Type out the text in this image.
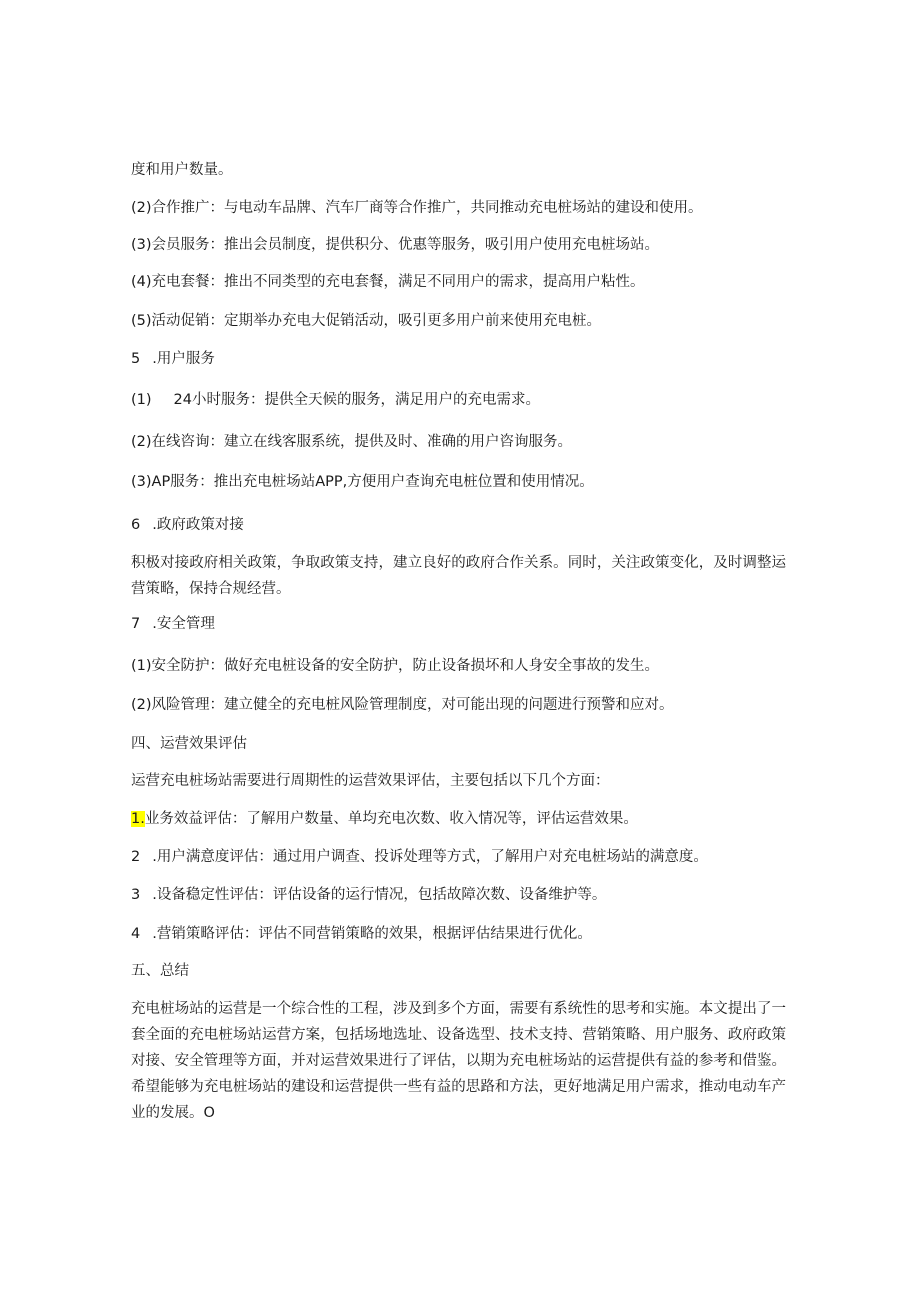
度和用户数量。
(2)合作推广：与电动车品牌、汽车厂商等合作推广，共同推动充电桩场站的建设和使用。
(3)会员服务：推出会员制度，提供积分、优惠等服务，吸引用户使用充电桩场站。
(4)充电套餐：推出不同类型的充电套餐，满足不同用户的需求，提高用户粘性。
(5)活动促销：定期举办充电大促销活动，吸引更多用户前来使用充电桩。
5 .用户服务
(1) 24小时服务：提供全天候的服务，满足用户的充电需求。
(2)在线咨询：建立在线客服系统，提供及时、准确的用户咨询服务。
(3)AP服务：推出充电桩场站APP,方便用户查询充电桩位置和使用情况。
6 .政府政策对接
积极对接政府相关政策，争取政策支持，建立良好的政府合作关系。同时，关注政策变化，及时调整运营策略，保持合规经营。
7 .安全管理
(1)安全防护：做好充电桩设备的安全防护，防止设备损坏和人身安全事故的发生。
(2)风险管理：建立健全的充电桩风险管理制度，对可能出现的问题进行预警和应对。
四、运营效果评估
运营充电桩场站需要进行周期性的运营效果评估，主要包括以下几个方面：
1.业务效益评估：了解用户数量、单均充电次数、收入情况等，评估运营效果。
2 .用户满意度评估：通过用户调查、投诉处理等方式，了解用户对充电桩场站的满意度。
3 .设备稳定性评估：评估设备的运行情况，包括故障次数、设备维护等。
4 .营销策略评估：评估不同营销策略的效果，根据评估结果进行优化。
五、总结
充电桩场站的运营是一个综合性的工程，涉及到多个方面，需要有系统性的思考和实施。本文提出了一套全面的充电桩场站运营方案，包括场地选址、设备选型、技术支持、营销策略、用户服务、政府政策对接、安全管理等方面，并对运营效果进行了评估，以期为充电桩场站的运营提供有益的参考和借鉴。希望能够为充电桩场站的建设和运营提供一些有益的思路和方法，更好地满足用户需求，推动电动车产业的发展。O
